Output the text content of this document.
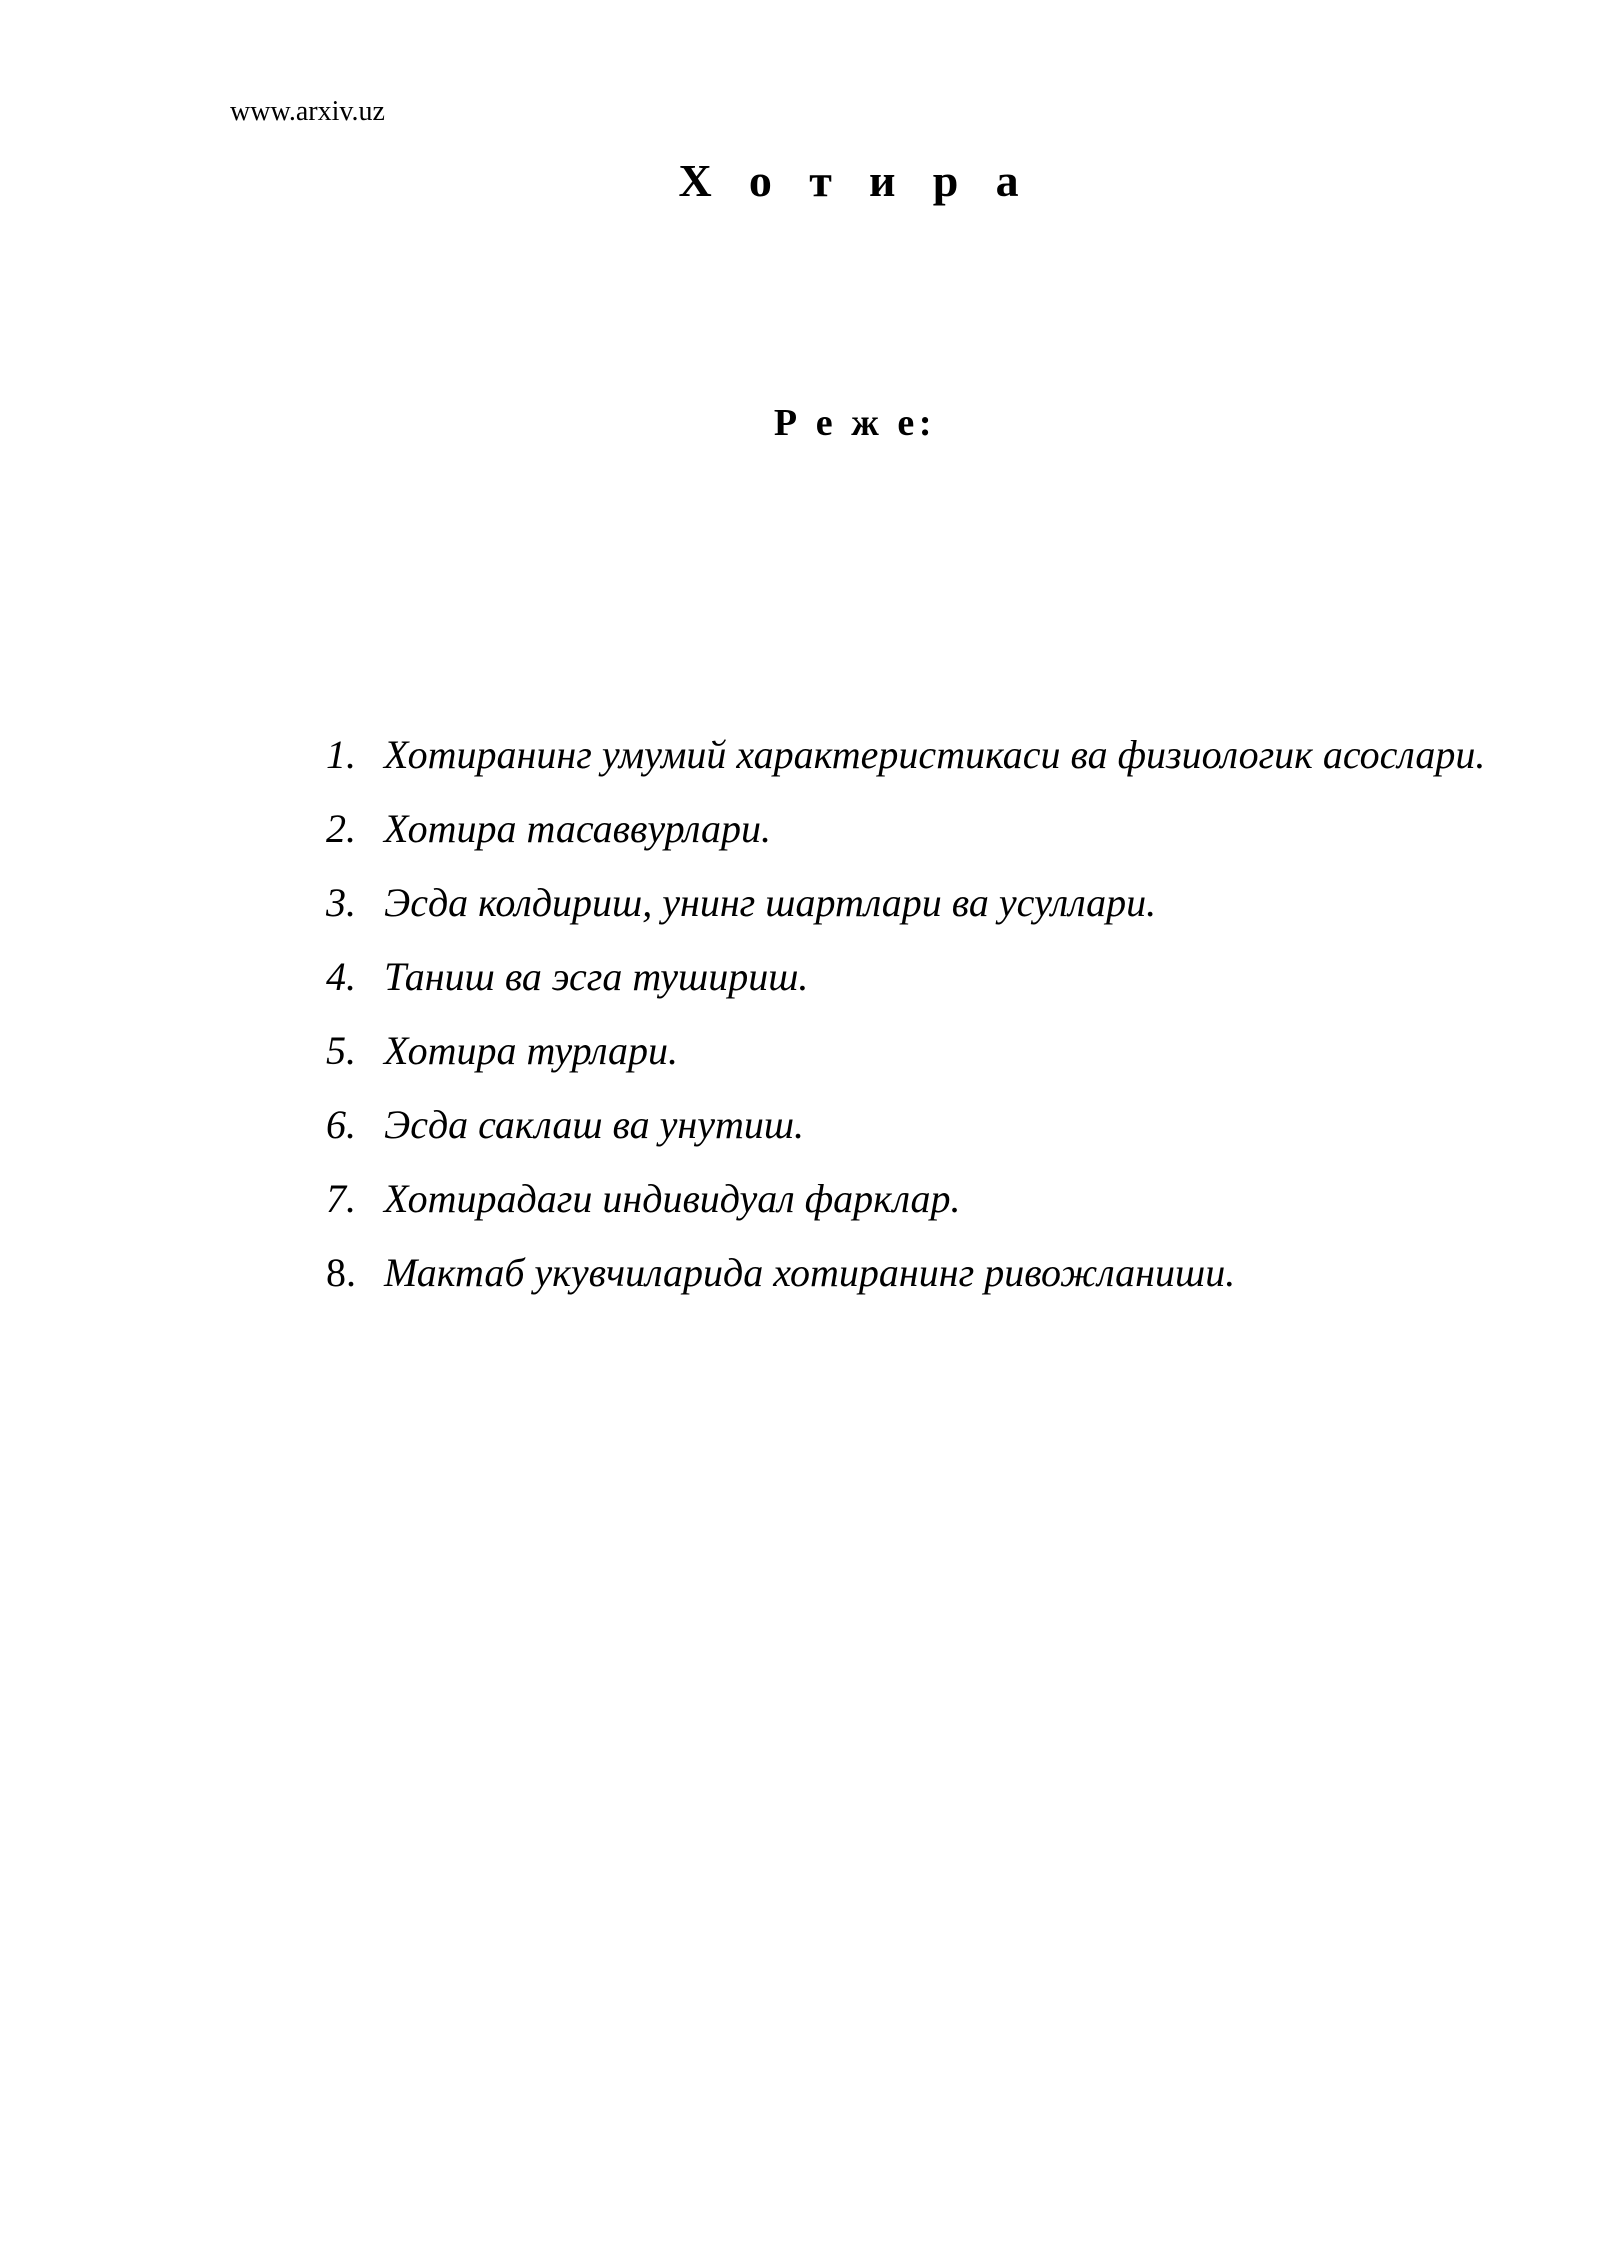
www.arxiv.uz
Х о т и р а
Р е ж е:
1. Хотиранинг умумий характеристикаси ва физиологик асослари.
2. Хотира тасаввурлари.
3. Эсда колдириш, унинг шартлари ва усуллари.
4. Таниш ва эсга тушириш.
5. Хотира турлари.
6. Эсда саклаш ва унутиш.
7. Хотирадаги индивидуал фарклар.
8. Мактаб укувчиларида хотиранинг ривожланиши.
